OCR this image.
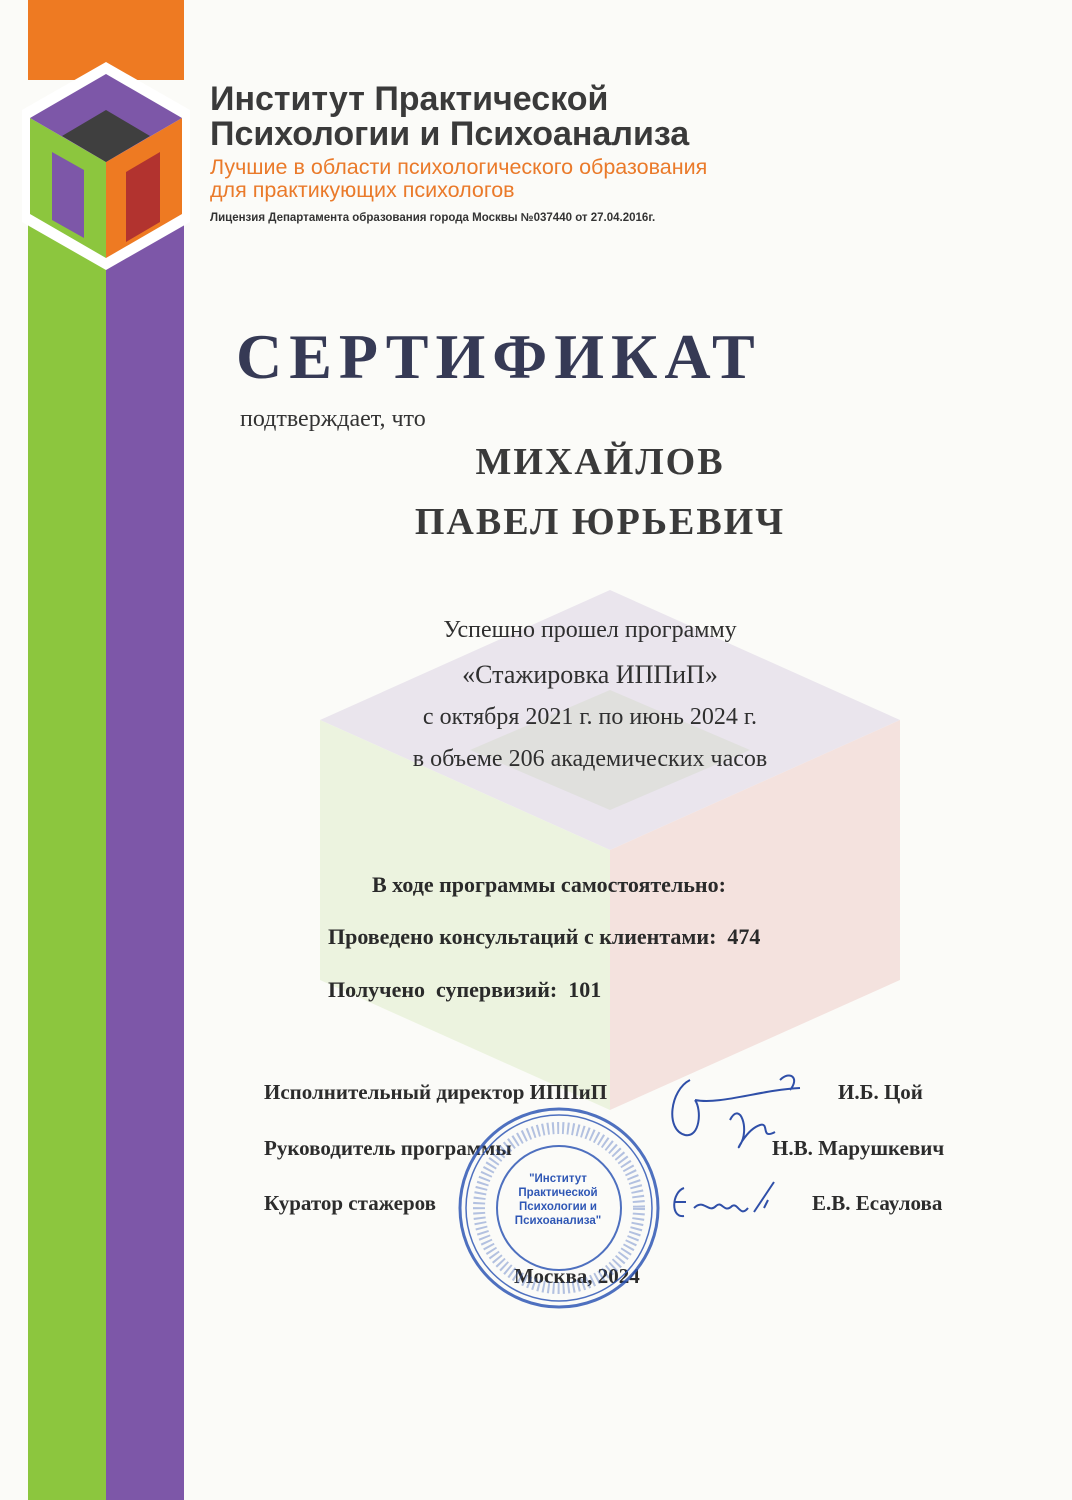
Институт Практической
Психологии и Психоанализа
Лучшие в области психологического образования
для практикующих психологов
Лицензия Департамента образования города Москвы №037440 от 27.04.2016г.
СЕРТИФИКАТ
подтверждает, что
МИХАЙЛОВ
ПАВЕЛ ЮРЬЕВИЧ
Успешно прошел программу
«Стажировка ИППиП»
с октября 2021 г. по июнь 2024 г.
в объеме 206 академических часов
В ходе программы самостоятельно:
Проведено консультаций с клиентами:  474
Получено  супервизий:  101
Исполнительный директор ИППиП	И.Б. Цой
Руководитель программы	Н.В. Марушкевич
Куратор стажеров	Е.В. Есаулова
Москва, 2024
"Институт
Практической
Психологии и
Психоанализа"
